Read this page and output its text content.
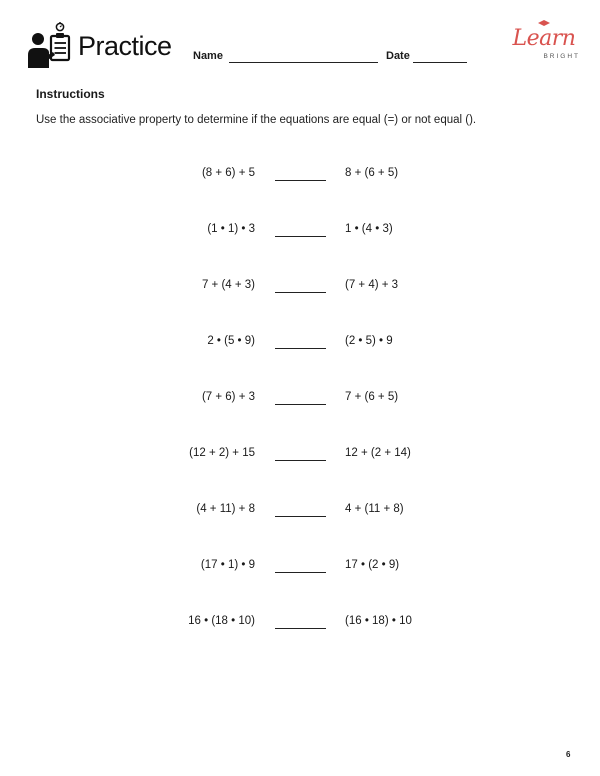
Practice Name	Date
Learn
BRIGHT
Instructions
Use the associative property to determine if the equations are equal (=) or not equal ().
(8 + 6) + 5	8 + (6 + 5)
(1 • 1) • 3	1 • (4 • 3)
7 + (4 + 3)	(7 + 4) + 3
2 • (5 • 9)	(2 • 5) • 9
(7 + 6) + 3	7 + (6 + 5)
(12 + 2) + 15	12 + (2 + 14)
(4 + 11) + 8	4 + (11 + 8)
(17 • 1) • 9	17 • (2 • 9)
16 • (18 • 10)	(16 • 18) • 10
6
